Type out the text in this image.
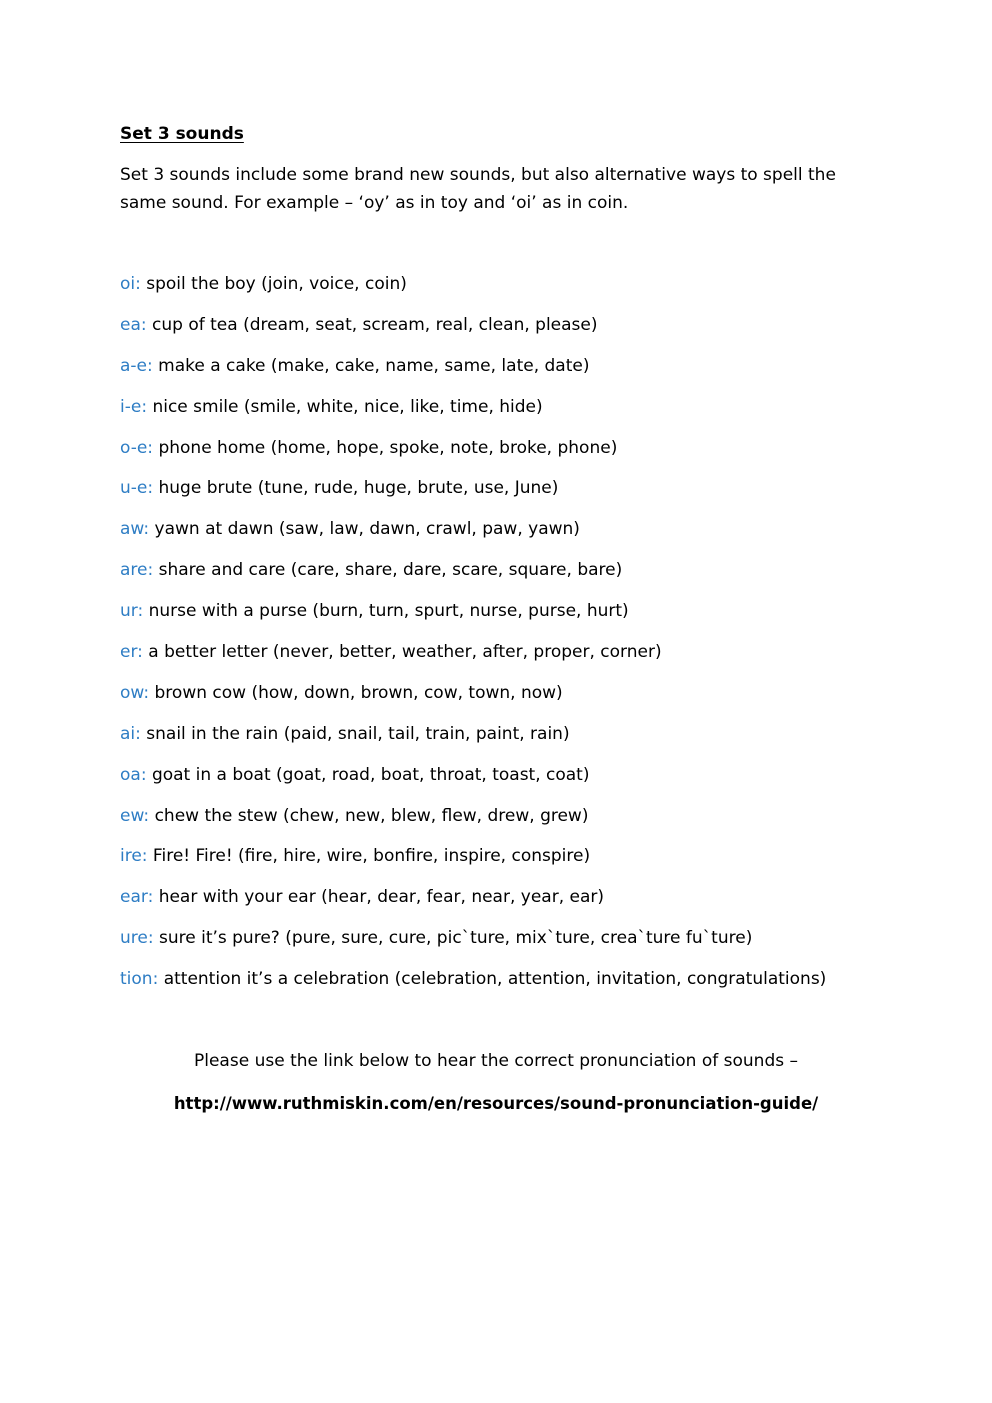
Set 3 sounds

Set 3 sounds include some brand new sounds, but also alternative ways to spell the same sound. For example – ‘oy’ as in toy and ‘oi’ as in coin.

oi: spoil the boy (join, voice, coin)
ea: cup of tea (dream, seat, scream, real, clean, please)
a-e: make a cake (make, cake, name, same, late, date)
i-e: nice smile (smile, white, nice, like, time, hide)
o-e: phone home (home, hope, spoke, note, broke, phone)
u-e: huge brute (tune, rude, huge, brute, use, June)
aw: yawn at dawn (saw, law, dawn, crawl, paw, yawn)
are: share and care (care, share, dare, scare, square, bare)
ur: nurse with a purse (burn, turn, spurt, nurse, purse, hurt)
er: a better letter (never, better, weather, after, proper, corner)
ow: brown cow (how, down, brown, cow, town, now)
ai: snail in the rain (paid, snail, tail, train, paint, rain)
oa: goat in a boat (goat, road, boat, throat, toast, coat)
ew: chew the stew (chew, new, blew, flew, drew, grew)
ire: Fire! Fire! (fire, hire, wire, bonfire, inspire, conspire)
ear: hear with your ear (hear, dear, fear, near, year, ear)
ure: sure it’s pure? (pure, sure, cure, pic`ture, mix`ture, crea`ture fu`ture)
tion: attention it’s a celebration (celebration, attention, invitation, congratulations)

Please use the link below to hear the correct pronunciation of sounds –

http://www.ruthmiskin.com/en/resources/sound-pronunciation-guide/
